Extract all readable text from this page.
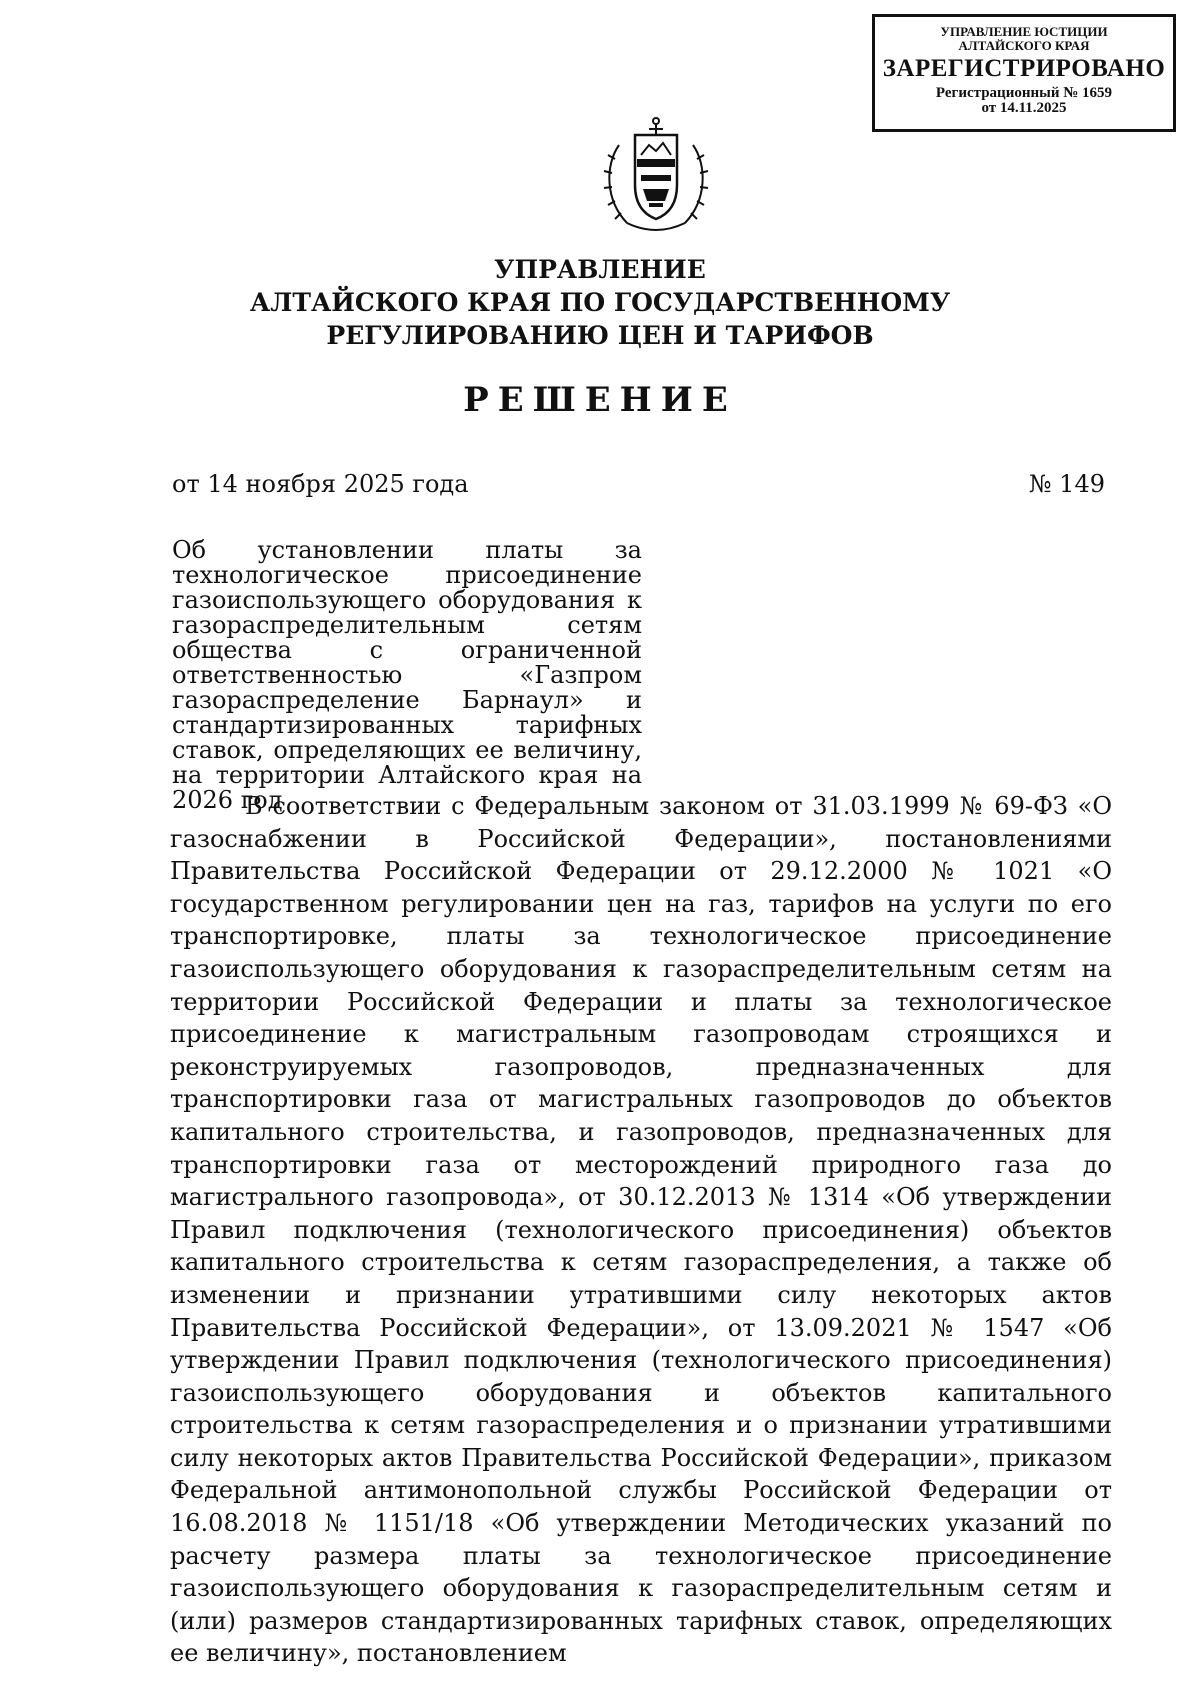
УПРАВЛЕНИЕ ЮСТИЦИИ
АЛТАЙСКОГО КРАЯ
ЗАРЕГИСТРИРОВАНО
Регистрационный № 1659
от 14.11.2025
УПРАВЛЕНИЕ
АЛТАЙСКОГО КРАЯ ПО ГОСУДАРСТВЕННОМУ
РЕГУЛИРОВАНИЮ ЦЕН И ТАРИФОВ
РЕШЕНИЕ
от 14 ноября 2025 года	№ 149
Об установлении платы за технологическое присоединение газоиспользующего оборудования к газораспределительным сетям общества с ограниченной ответственностью «Газпром газораспределение Барнаул» и стандартизированных тарифных ставок, определяющих ее величину, на территории Алтайского края на 2026 год
В соответствии с Федеральным законом от 31.03.1999 № 69-ФЗ «О газоснабжении в Российской Федерации», постановлениями Правительства Российской Федерации от 29.12.2000 № 1021 «О государственном регулировании цен на газ, тарифов на услуги по его транспортировке, платы за технологическое присоединение газоиспользующего оборудования к газораспределительным сетям на территории Российской Федерации и платы за технологическое присоединение к магистральным газопроводам строящихся и реконструируемых газопроводов, предназначенных для транспортировки газа от магистральных газопроводов до объектов капитального строительства, и газопроводов, предназначенных для транспортировки газа от месторождений природного газа до магистрального газопровода», от 30.12.2013 № 1314 «Об утверждении Правил подключения (технологического присоединения) объектов капитального строительства к сетям газораспределения, а также об изменении и признании утратившими силу некоторых актов Правительства Российской Федерации», от 13.09.2021 № 1547 «Об утверждении Правил подключения (технологического присоединения) газоиспользующего оборудования и объектов капитального строительства к сетям газораспределения и о признании утратившими силу некоторых актов Правительства Российской Федерации», приказом Федеральной антимонопольной службы Российской Федерации от 16.08.2018 № 1151/18 «Об утверждении Методических указаний по расчету размера платы за технологическое присоединение газоиспользующего оборудования к газораспределительным сетям и (или) размеров стандартизированных тарифных ставок, определяющих ее величину», постановлением
